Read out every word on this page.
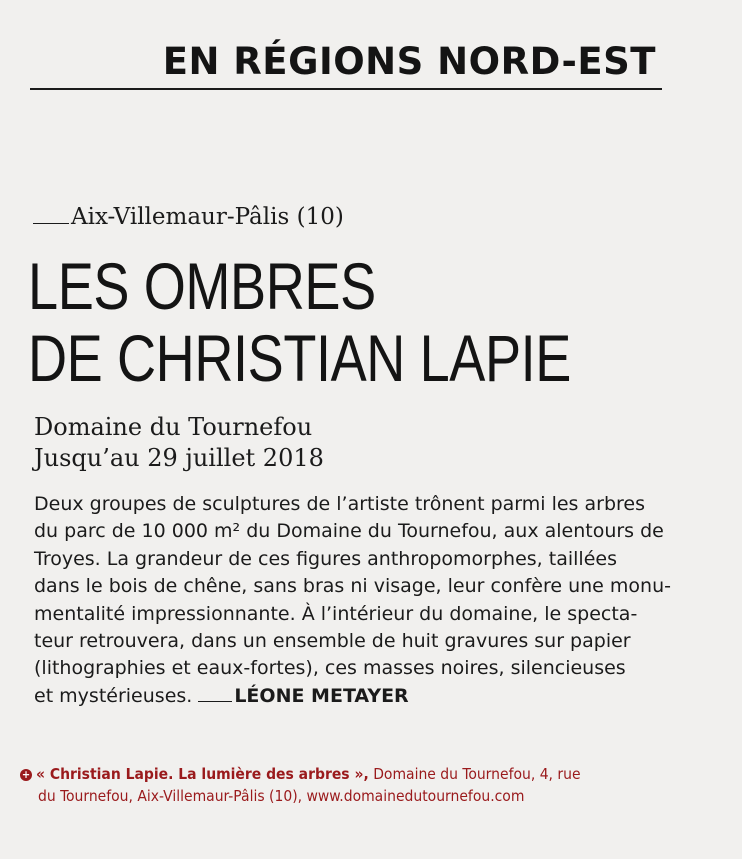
EN RÉGIONS NORD-EST
Aix-Villemaur-Pâlis (10)
LES OMBRES
DE CHRISTIAN LAPIE
Domaine du Tournefou
Jusqu’au 29 juillet 2018
Deux groupes de sculptures de l’artiste trônent parmi les arbres
du parc de 10 000 m² du Domaine du Tournefou, aux alentours de
Troyes. La grandeur de ces figures anthropomorphes, taillées
dans le bois de chêne, sans bras ni visage, leur confère une monu-
mentalité impressionnante. À l’intérieur du domaine, le specta-
teur retrouvera, dans un ensemble de huit gravures sur papier
(lithographies et eaux-fortes), ces masses noires, silencieuses
et mystérieuses. LÉONE METAYER
+ « Christian Lapie. La lumière des arbres », Domaine du Tournefou, 4, rue
du Tournefou, Aix-Villemaur-Pâlis (10), www.domainedutournefou.com
